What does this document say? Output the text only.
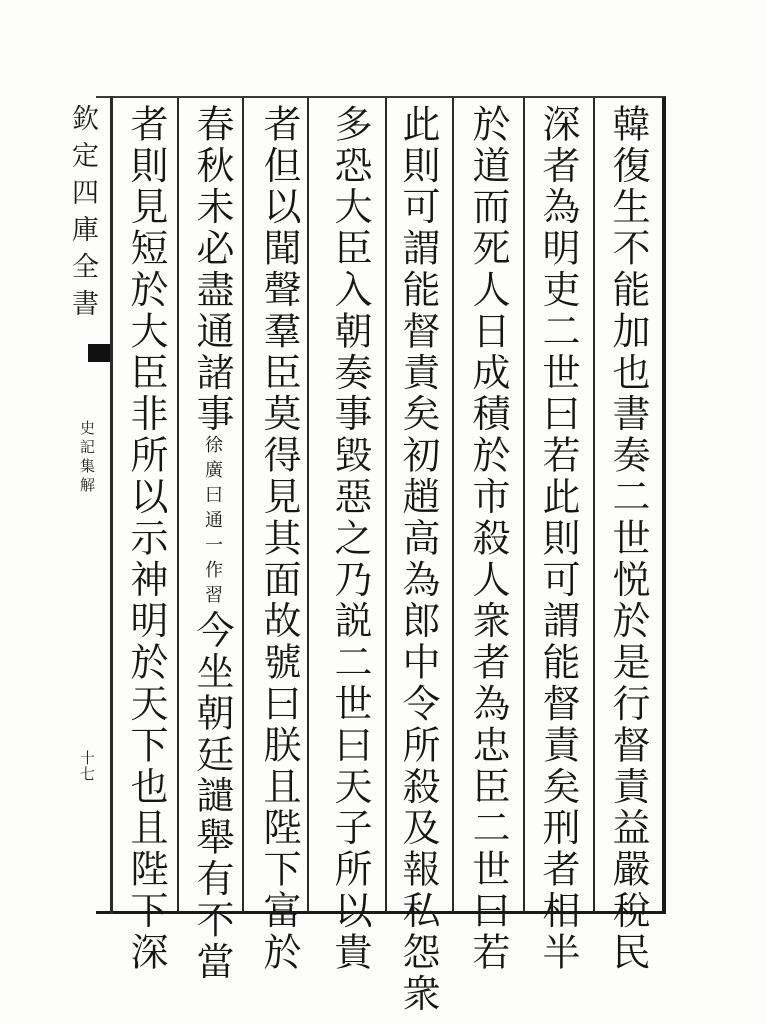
欽定四庫全書
史記集解
十七	韓復生不能加也書奏二世悦於是行督責益嚴稅民
深者為明吏二世曰若此則可謂能督責矣刑者相半
於道而死人日成積於市殺人衆者為忠臣二世曰若
此則可謂能督責矣初趙高為郎中令所殺及報私怨衆
多恐大臣入朝奏事毀惡之乃説二世曰天子所以貴
者但以聞聲羣臣莫得見其面故號曰朕且陛下富於
春秋未必盡通諸事徐廣曰通一作習今坐朝廷譴舉有不當
者則見短於大臣非所以示神明於天下也且陛下深
